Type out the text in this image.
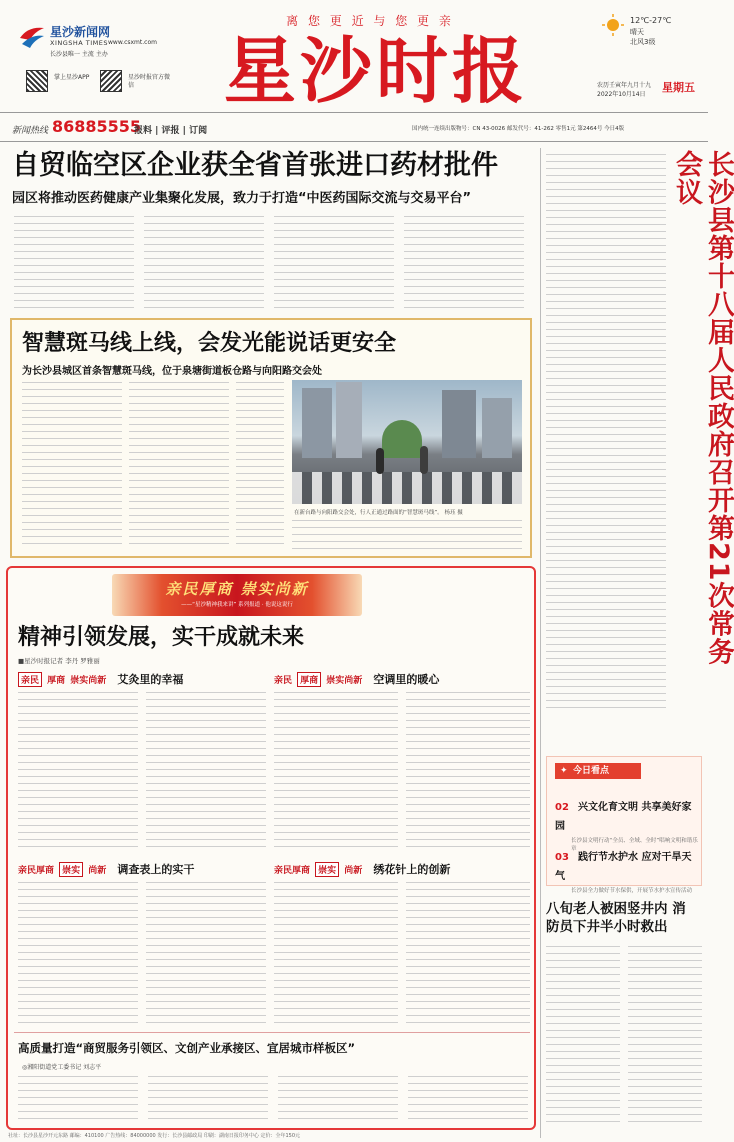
星沙新闻网
XINGSHA TIMES www.csxmt.com
长沙县唯一 主流 主办
掌上星沙APP	星沙时报官方微信
离 您 更 近 与 您 更 亲
星沙时报
12℃-27℃
晴天
北风3级
农历壬寅年九月十九
2022年10月14日
星期五
新闻热线 86885555
报料 | 评报 | 订阅	国内统一连续出版物号：CN 43-0026 邮发代号：41-262 零售1元 第2464号 今日4版
自贸临空区企业获全省首张进口药材批件
园区将推动医药健康产业集聚化发展，致力于打造“中医药国际交流与交易平台”
智慧斑马线上线，会发光能说话更安全
为长沙县城区首条智慧斑马线，位于泉塘街道板仓路与向阳路交会处
在新台路与向阳路交会处，行人正通过路面的“智慧斑马线”。 杨珏 摄	长沙县第十八届人民政府召开第21次常务会议
✦ 今日看点
02 兴文化育文明 共享美好家园
长沙县文明行动“全员、全域、全时”唱响文明和谐乐章
03 践行节水护水 应对干旱天气
长沙县全力做好节水保供，开展节水护水宣传活动
八旬老人被困竖井内 消防员下井半小时救出
亲民厚商 崇实尚新
——“星沙精神我来讲” 系列报道 · 他说这说行
精神引领发展，实干成就未来
■星沙时报记者 李丹 罗雅丽
亲民 厚商 崇实尚新 艾灸里的幸福	亲民 厚商 崇实尚新 空调里的暖心
亲民厚商 崇实 尚新 调查表上的实干	亲民厚商 崇实 尚新 绣花针上的创新
高质量打造“商贸服务引领区、文创产业承接区、宜居城市样板区”
◎湘阳街道党工委书记 刘志平
社址：长沙县星沙开元东路 邮编：410100 广告热线：84000000 发行：长沙县邮政局 印刷：湖南日报印务中心 定价：全年150元
